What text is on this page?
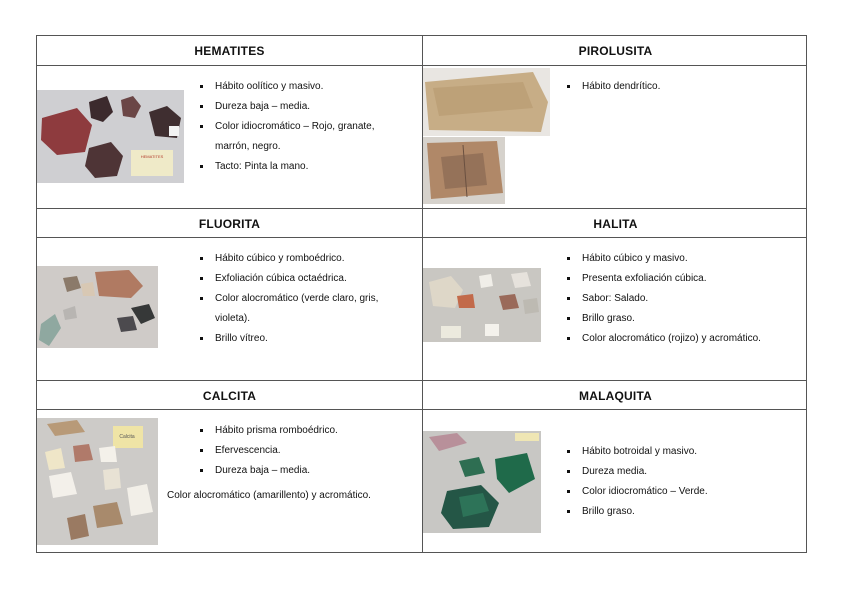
HEMATITES
HEMATITES
Hábito oolítico y masivo.
Dureza baja – media.
Color idiocromático – Rojo, granate,
marrón, negro.
Tacto: Pinta la mano.
PIROLUSITA
Hábito dendrítico.
FLUORITA
Hábito cúbico y romboédrico.
Exfoliación cúbica octaédrica.
Color alocromático (verde claro, gris,
violeta).
Brillo vítreo.
HALITA
Hábito cúbico y masivo.
Presenta exfoliación cúbica.
Sabor: Salado.
Brillo graso.
Color alocromático (rojizo) y acromático.
CALCITA
Calcita
Hábito prisma romboédrico.
Efervescencia.
Dureza baja – media.
Color alocromático (amarillento) y acromático.
MALAQUITA
Hábito botroidal y masivo.
Dureza media.
Color idiocromático – Verde.
Brillo graso.
